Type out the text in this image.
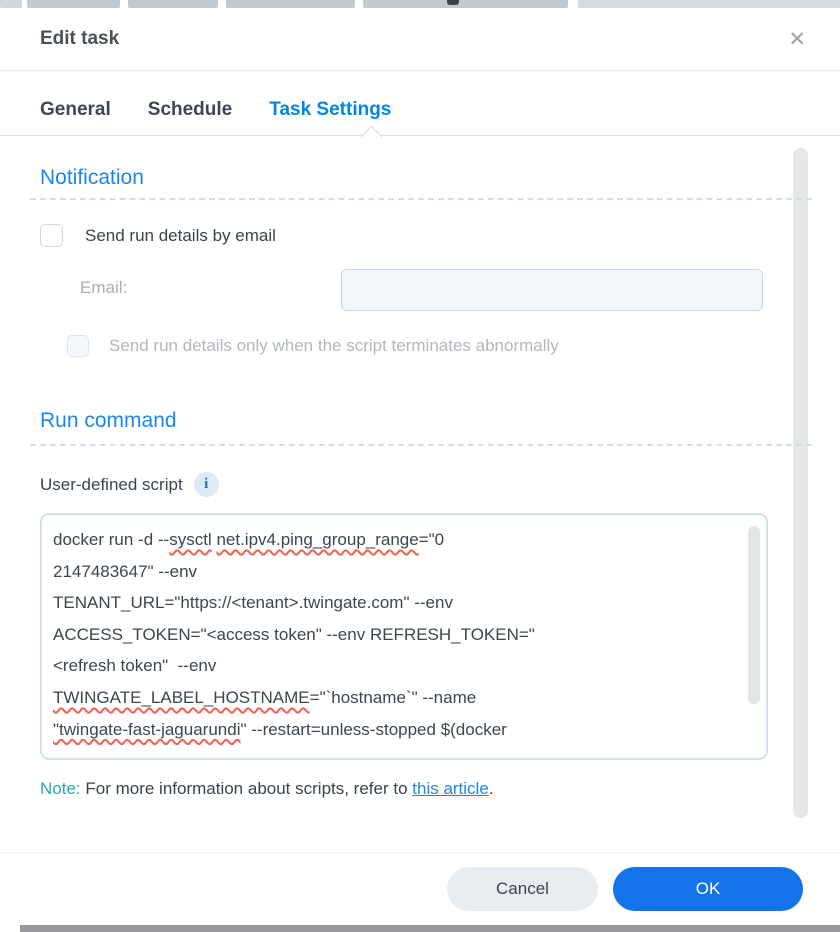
Edit task	✕
General Schedule Task Settings
Notification
Send run details by email
Email:
Send run details only when the script terminates abnormally
Run command
User-defined script	i
docker run -d --sysctl net.ipv4.ping_group_range="0
2147483647" --env
TENANT_URL="https://<tenant>.twingate.com" --env
ACCESS_TOKEN="<access token" --env REFRESH_TOKEN="
<refresh token"  --env
TWINGATE_LABEL_HOSTNAME="`hostname`" --name
"twingate-fast-jaguarundi" --restart=unless-stopped $(docker
Note: For more information about scripts, refer to this article.
Cancel	OK
